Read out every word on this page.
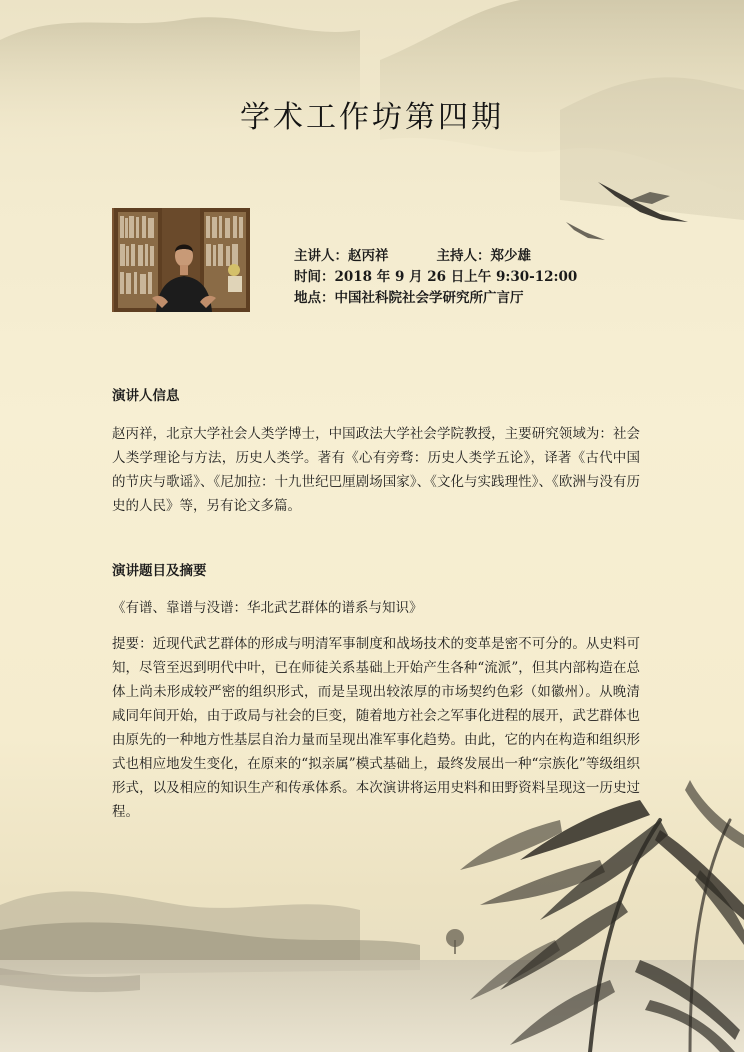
学术工作坊第四期
主讲人：赵丙祥	主持人：郑少雄
时间：2018 年 9 月 26 日上午 9:30-12:00
地点：中国社科院社会学研究所广言厅
演讲人信息
赵丙祥，北京大学社会人类学博士，中国政法大学社会学院教授，主要研究领域为：社会人类学理论与方法，历史人类学。著有《心有旁骛：历史人类学五论》，译著《古代中国的节庆与歌谣》、《尼加拉：十九世纪巴厘剧场国家》、《文化与实践理性》、《欧洲与没有历史的人民》等，另有论文多篇。
演讲题目及摘要
《有谱、靠谱与没谱：华北武艺群体的谱系与知识》
提要：近现代武艺群体的形成与明清军事制度和战场技术的变革是密不可分的。从史料可知，尽管至迟到明代中叶，已在师徒关系基础上开始产生各种“流派”，但其内部构造在总体上尚未形成较严密的组织形式，而是呈现出较浓厚的市场契约色彩（如徽州）。从晚清咸同年间开始，由于政局与社会的巨变，随着地方社会之军事化进程的展开，武艺群体也由原先的一种地方性基层自治力量而呈现出准军事化趋势。由此，它的内在构造和组织形式也相应地发生变化，在原来的“拟亲属”模式基础上，最终发展出一种“宗族化”等级组织形式，以及相应的知识生产和传承体系。本次演讲将运用史料和田野资料呈现这一历史过程。
